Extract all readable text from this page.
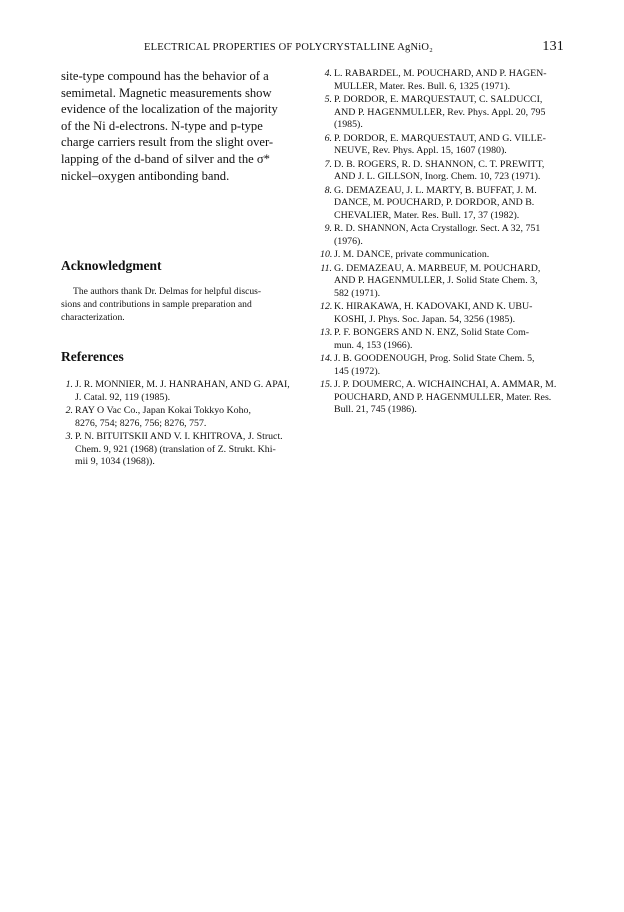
ELECTRICAL PROPERTIES OF POLYCRYSTALLINE AgNiO₂	131
site-type compound has the behavior of a
semimetal. Magnetic measurements show
evidence of the localization of the majority
of the Ni d-electrons. N-type and p-type
charge carriers result from the slight over-
lapping of the d-band of silver and the σ*
nickel–oxygen antibonding band.
Acknowledgment
The authors thank Dr. Delmas for helpful discus-
sions and contributions in sample preparation and
characterization.
References
1. J. R. MONNIER, M. J. HANRAHAN, AND G. APAI,
J. Catal. 92, 119 (1985).
2. RAY O Vac Co., Japan Kokai Tokkyo Koho,
8276, 754; 8276, 756; 8276, 757.
3. P. N. BITUITSKII AND V. I. KHITROVA, J. Struct.
Chem. 9, 921 (1968) (translation of Z. Strukt. Khi-
mii 9, 1034 (1968)).
4. L. RABARDEL, M. POUCHARD, AND P. HAGEN-
MULLER, Mater. Res. Bull. 6, 1325 (1971).
5. P. DORDOR, E. MARQUESTAUT, C. SALDUCCI,
AND P. HAGENMULLER, Rev. Phys. Appl. 20, 795
(1985).
6. P. DORDOR, E. MARQUESTAUT, AND G. VILLE-
NEUVE, Rev. Phys. Appl. 15, 1607 (1980).
7. D. B. ROGERS, R. D. SHANNON, C. T. PREWITT,
AND J. L. GILLSON, Inorg. Chem. 10, 723 (1971).
8. G. DEMAZEAU, J. L. MARTY, B. BUFFAT, J. M.
DANCE, M. POUCHARD, P. DORDOR, AND B.
CHEVALIER, Mater. Res. Bull. 17, 37 (1982).
9. R. D. SHANNON, Acta Crystallogr. Sect. A 32, 751
(1976).
10. J. M. DANCE, private communication.
11. G. DEMAZEAU, A. MARBEUF, M. POUCHARD,
AND P. HAGENMULLER, J. Solid State Chem. 3,
582 (1971).
12. K. HIRAKAWA, H. KADOVAKI, AND K. UBU-
KOSHI, J. Phys. Soc. Japan. 54, 3256 (1985).
13. P. F. BONGERS AND N. ENZ, Solid State Com-
mun. 4, 153 (1966).
14. J. B. GOODENOUGH, Prog. Solid State Chem. 5,
145 (1972).
15. J. P. DOUMERC, A. WICHAINCHAI, A. AMMAR, M.
POUCHARD, AND P. HAGENMULLER, Mater. Res.
Bull. 21, 745 (1986).
